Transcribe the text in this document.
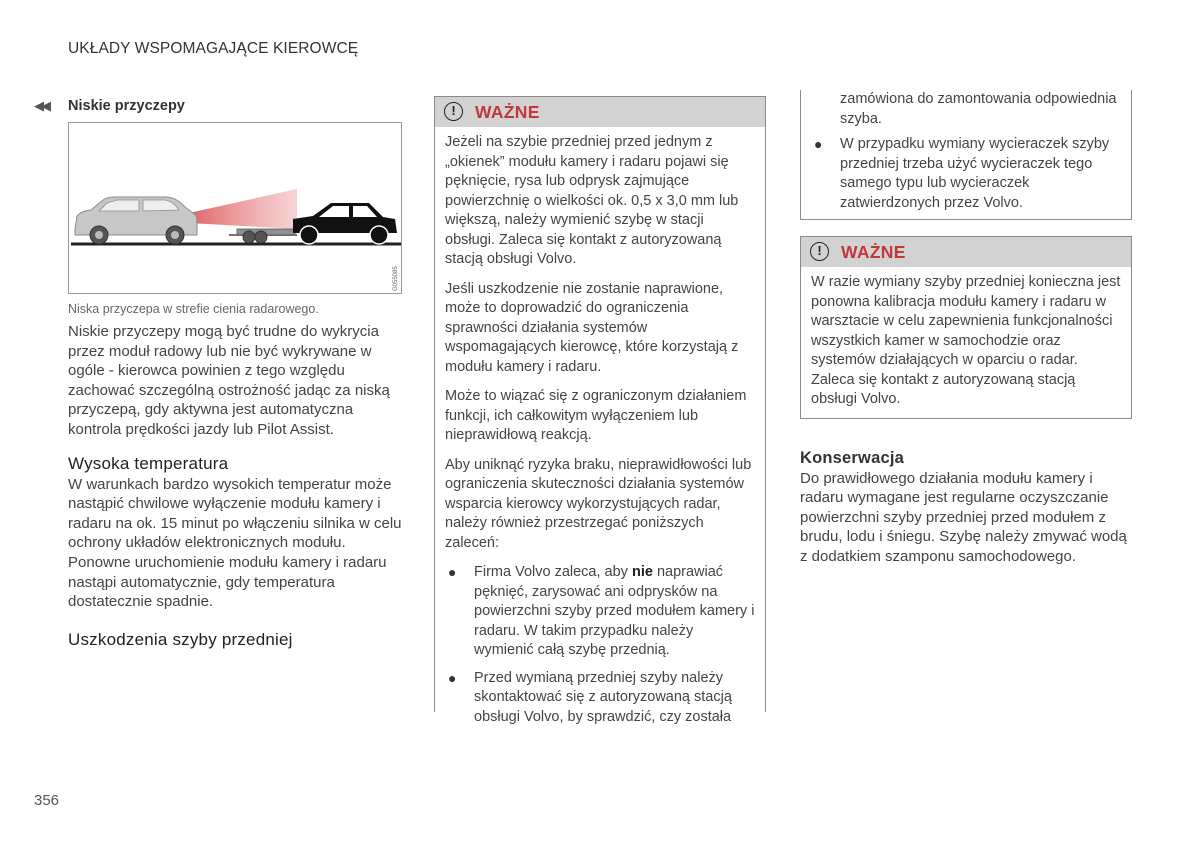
UKŁADY WSPOMAGAJĄCE KIEROWCĘ
◀◀ Niskie przyczepy
G055085
Niska przyczepa w strefie cienia radarowego.

Niskie przyczepy mogą być trudne do wykrycia przez moduł radowy lub nie być wykrywane w ogóle - kierowca powinien z tego względu zachować szczególną ostrożność jadąc za niską przyczepą, gdy aktywna jest automatyczna kontrola prędkości jazdy lub Pilot Assist.

Wysoka temperatura

W warunkach bardzo wysokich temperatur może nastąpić chwilowe wyłączenie modułu kamery i radaru na ok. 15 minut po włączeniu silnika w celu ochrony układów elektronicznych modułu. Ponowne uruchomienie modułu kamery i radaru nastąpi automatycznie, gdy temperatura dostatecznie spadnie.

Uszkodzenia szyby przedniej
!	WAŻNE

Jeżeli na szybie przedniej przed jednym z „okienek” modułu kamery i radaru pojawi się pęknięcie, rysa lub odprysk zajmujące powierzchnię o wielkości ok. 0,5 x 3,0 mm lub większą, należy wymienić szybę w stacji obsługi. Zaleca się kontakt z autoryzowaną stacją obsługi Volvo.

Jeśli uszkodzenie nie zostanie naprawione, może to doprowadzić do ograniczenia sprawności działania systemów wspomagających kierowcę, które korzystają z modułu kamery i radaru.

Może to wiązać się z ograniczonym działaniem funkcji, ich całkowitym wyłączeniem lub nieprawidłową reakcją.

Aby uniknąć ryzyka braku, nieprawidłowości lub ograniczenia skuteczności działania systemów wsparcia kierowcy wykorzystujących radar, należy również przestrzegać poniższych zaleceń:

● Firma Volvo zaleca, aby nie naprawiać pęknięć, zarysować ani odprysków na powierzchni szyby przed modułem kamery i radaru. W takim przypadku należy wymienić całą szybę przednią.
● Przed wymianą przedniej szyby należy skontaktować się z autoryzowaną stacją obsługi Volvo, by sprawdzić, czy została

zamówiona do zamontowania odpowiednia szyba.

● W przypadku wymiany wycieraczek szyby przedniej trzeba użyć wycieraczek tego samego typu lub wycieraczek zatwierdzonych przez Volvo.
!	WAŻNE

W razie wymiany szyby przedniej konieczna jest ponowna kalibracja modułu kamery i radaru w warsztacie w celu zapewnienia funkcjonalności wszystkich kamer w samochodzie oraz systemów działających w oparciu o radar. Zaleca się kontakt z autoryzowaną stacją obsługi Volvo.

Konserwacja

Do prawidłowego działania modułu kamery i radaru wymagane jest regularne oczyszczanie powierzchni szyby przedniej przed modułem z brudu, lodu i śniegu. Szybę należy zmywać wodą z dodatkiem szamponu samochodowego.

356
